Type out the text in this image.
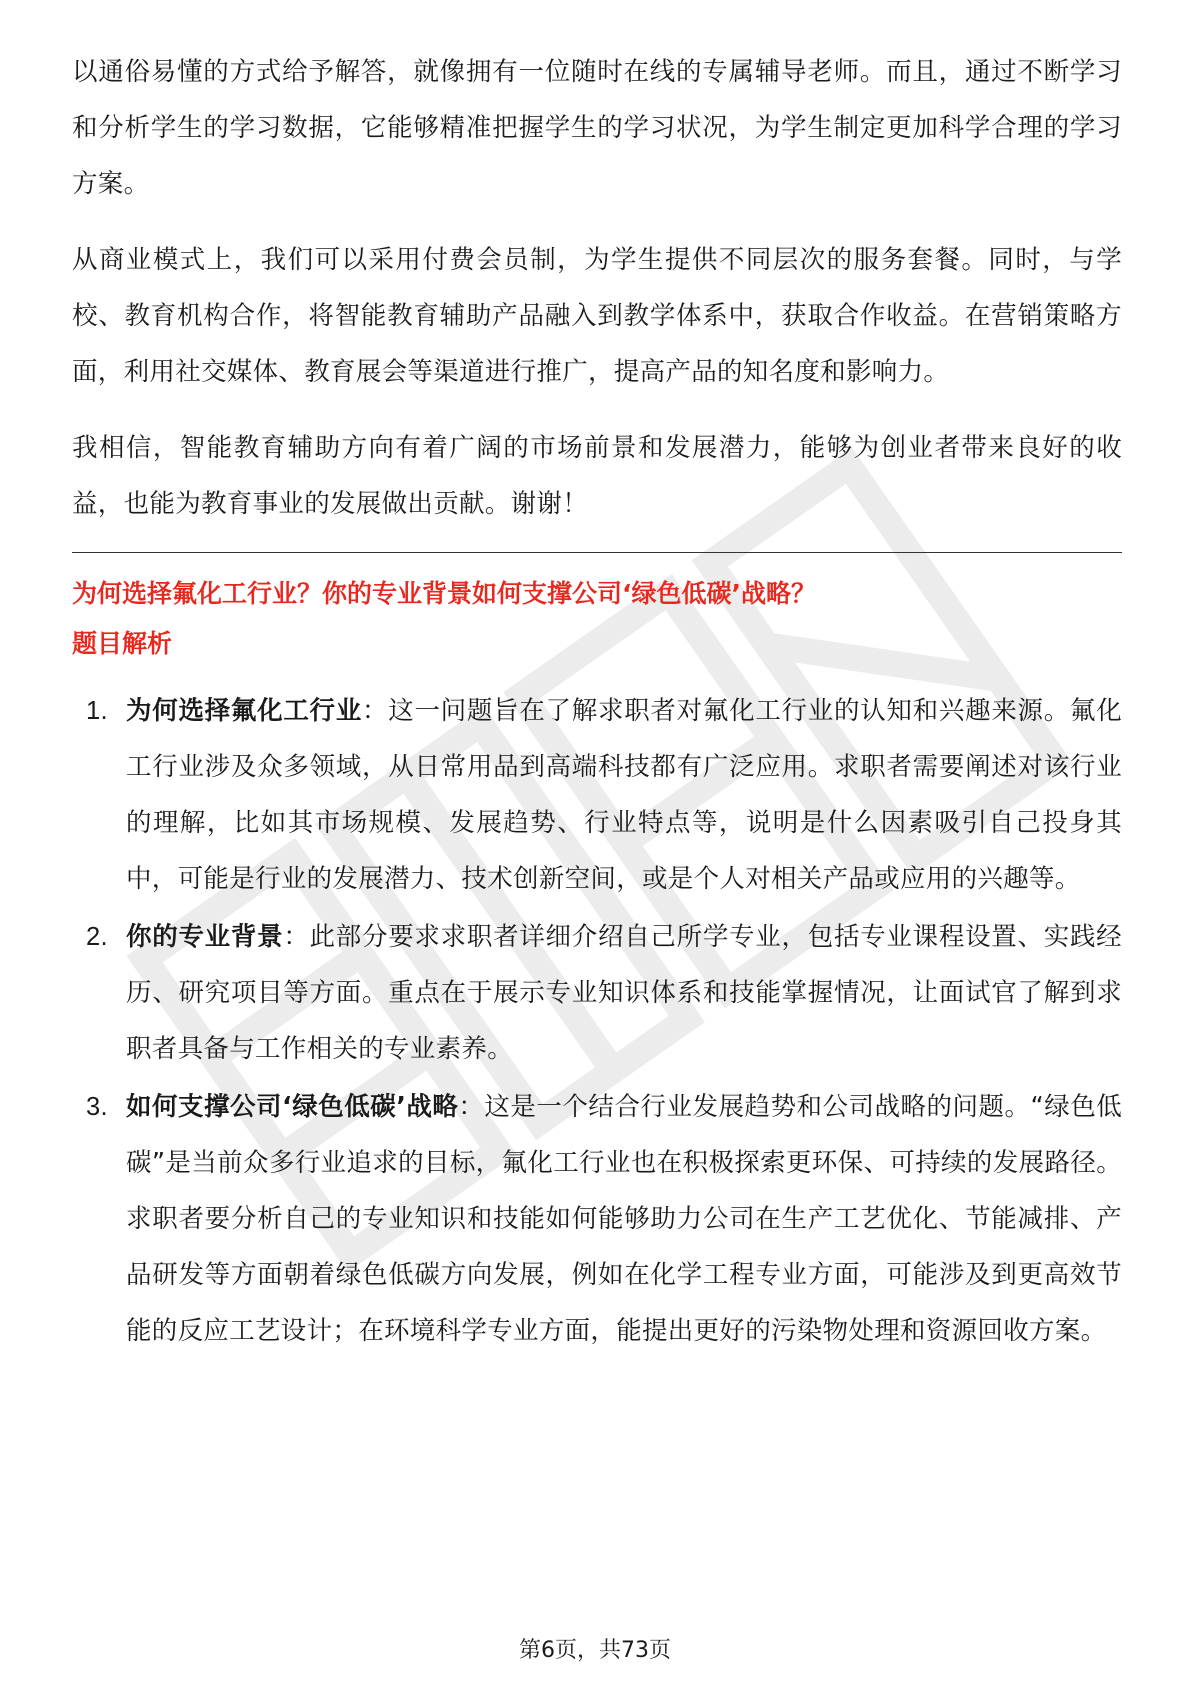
以通俗易懂的方式给予解答，就像拥有一位随时在线的专属辅导老师。而且，通过不断学习和分析学生的学习数据，它能够精准把握学生的学习状况，为学生制定更加科学合理的学习方案。

从商业模式上，我们可以采用付费会员制，为学生提供不同层次的服务套餐。同时，与学校、教育机构合作，将智能教育辅助产品融入到教学体系中，获取合作收益。在营销策略方面，利用社交媒体、教育展会等渠道进行推广，提高产品的知名度和影响力。

我相信，智能教育辅助方向有着广阔的市场前景和发展潜力，能够为创业者带来良好的收益，也能为教育事业的发展做出贡献。谢谢！

为何选择氟化工行业？你的专业背景如何支撑公司‘绿色低碳’战略？
题目解析
1. 为何选择氟化工行业：这一问题旨在了解求职者对氟化工行业的认知和兴趣来源。氟化工行业涉及众多领域，从日常用品到高端科技都有广泛应用。求职者需要阐述对该行业的理解，比如其市场规模、发展趋势、行业特点等，说明是什么因素吸引自己投身其中，可能是行业的发展潜力、技术创新空间，或是个人对相关产品或应用的兴趣等。
2. 你的专业背景：此部分要求求职者详细介绍自己所学专业，包括专业课程设置、实践经历、研究项目等方面。重点在于展示专业知识体系和技能掌握情况，让面试官了解到求职者具备与工作相关的专业素养。
3. 如何支撑公司‘绿色低碳’战略：这是一个结合行业发展趋势和公司战略的问题。“绿色低碳”是当前众多行业追求的目标，氟化工行业也在积极探索更环保、可持续的发展路径。求职者要分析自己的专业知识和技能如何能够助力公司在生产工艺优化、节能减排、产品研发等方面朝着绿色低碳方向发展，例如在化学工程专业方面，可能涉及到更高效节能的反应工艺设计；在环境科学专业方面，能提出更好的污染物处理和资源回收方案。
第6页，共73页
